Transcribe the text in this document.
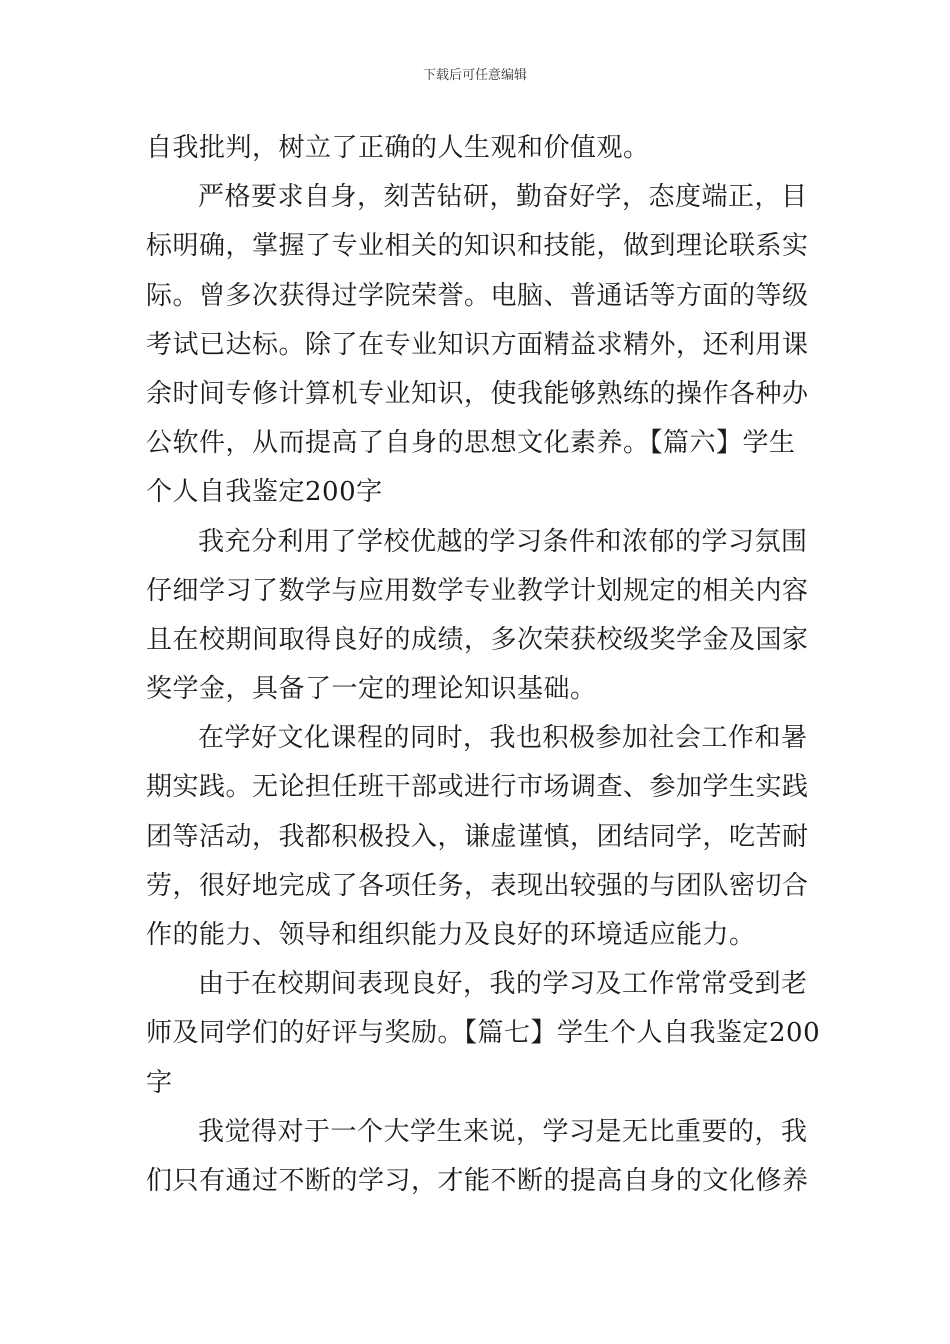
下载后可任意编辑
自我批判，树立了正确的人生观和价值观。
严格要求自身，刻苦钻研，勤奋好学，态度端正，目
标明确，掌握了专业相关的知识和技能，做到理论联系实
际。曾多次获得过学院荣誉。电脑、普通话等方面的等级
考试已达标。除了在专业知识方面精益求精外，还利用课
余时间专修计算机专业知识，使我能够熟练的操作各种办
公软件，从而提高了自身的思想文化素养。【篇六】学生
个人自我鉴定200字
我充分利用了学校优越的学习条件和浓郁的学习氛围
仔细学习了数学与应用数学专业教学计划规定的相关内容
且在校期间取得良好的成绩，多次荣获校级奖学金及国家
奖学金，具备了一定的理论知识基础。
在学好文化课程的同时，我也积极参加社会工作和暑
期实践。无论担任班干部或进行市场调查、参加学生实践
团等活动，我都积极投入，谦虚谨慎，团结同学，吃苦耐
劳，很好地完成了各项任务，表现出较强的与团队密切合
作的能力、领导和组织能力及良好的环境适应能力。
由于在校期间表现良好，我的学习及工作常常受到老
师及同学们的好评与奖励。【篇七】学生个人自我鉴定200
字
我觉得对于一个大学生来说，学习是无比重要的，我
们只有通过不断的学习，才能不断的提高自身的文化修养
